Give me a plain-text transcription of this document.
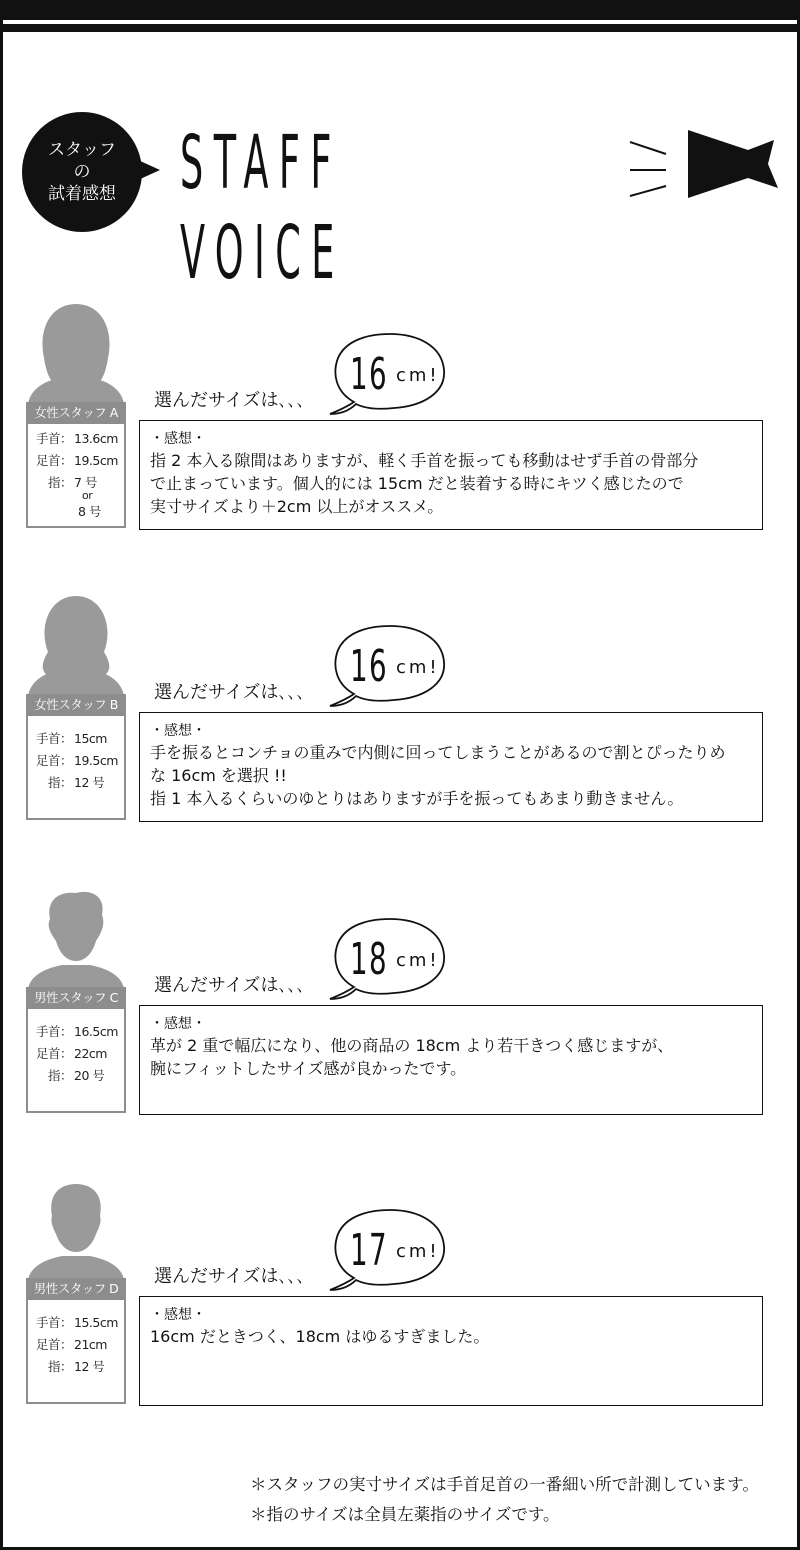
スタッフ
の
試着感想 STAFF VOICE
女性スタッフ A
手首： 13.6cm
足首： 19.5cm
指： 7 号
or
8 号
選んだサイズは､､､
16 cm!
・感想・
指 2 本入る隙間はありますが、軽く手首を振っても移動はせず手首の骨部分
で止まっています。個人的には 15cm だと装着する時にキツく感じたので
実寸サイズより＋2cm 以上がオススメ。
女性スタッフ B
手首： 15cm
足首： 19.5cm
指： 12 号
選んだサイズは､､､
16 cm!
・感想・
手を振るとコンチョの重みで内側に回ってしまうことがあるので割とぴったりめ
な 16cm を選択 !!
指 1 本入るくらいのゆとりはありますが手を振ってもあまり動きません。
男性スタッフ C
手首： 16.5cm
足首： 22cm
指： 20 号
選んだサイズは､､､
18 cm!
・感想・
革が 2 重で幅広になり、他の商品の 18cm より若干きつく感じますが、
腕にフィットしたサイズ感が良かったです。
男性スタッフ D
手首： 15.5cm
足首： 21cm
指： 12 号
選んだサイズは､､､
17 cm!
・感想・
16cm だときつく、18cm はゆるすぎました。
＊スタッフの実寸サイズは手首足首の一番細い所で計測しています。
＊指のサイズは全員左薬指のサイズです。
